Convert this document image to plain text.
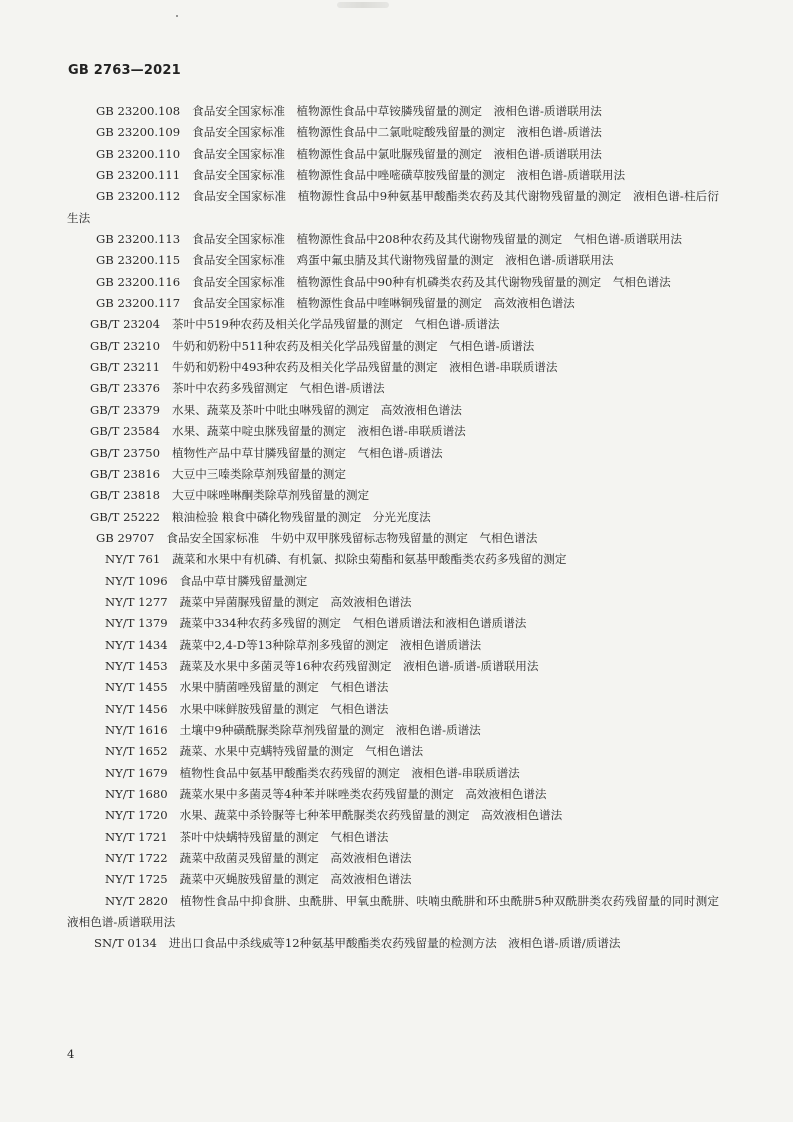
GB 2763—2021

GB 23200.108 食品安全国家标准　植物源性食品中草铵膦残留量的测定　液相色谱-质谱联用法

GB 23200.109 食品安全国家标准　植物源性食品中二氯吡啶酸残留量的测定　液相色谱-质谱法

GB 23200.110 食品安全国家标准　植物源性食品中氯吡脲残留量的测定　液相色谱-质谱联用法

GB 23200.111 食品安全国家标准　植物源性食品中唑嘧磺草胺残留量的测定　液相色谱-质谱联用法

GB 23200.112 食品安全国家标准　植物源性食品中9种氨基甲酸酯类农药及其代谢物残留量的测定　液相色谱-柱后衍生法

GB 23200.113 食品安全国家标准　植物源性食品中208种农药及其代谢物残留量的测定　气相色谱-质谱联用法

GB 23200.115 食品安全国家标准　鸡蛋中氟虫腈及其代谢物残留量的测定　液相色谱-质谱联用法

GB 23200.116 食品安全国家标准　植物源性食品中90种有机磷类农药及其代谢物残留量的测定　气相色谱法

GB 23200.117 食品安全国家标准　植物源性食品中喹啉铜残留量的测定　高效液相色谱法

GB/T 23204 茶叶中519种农药及相关化学品残留量的测定　气相色谱-质谱法

GB/T 23210 牛奶和奶粉中511种农药及相关化学品残留量的测定　气相色谱-质谱法

GB/T 23211 牛奶和奶粉中493种农药及相关化学品残留量的测定　液相色谱-串联质谱法

GB/T 23376 茶叶中农药多残留测定　气相色谱-质谱法

GB/T 23379 水果、蔬菜及茶叶中吡虫啉残留的测定　高效液相色谱法

GB/T 23584 水果、蔬菜中啶虫脒残留量的测定　液相色谱-串联质谱法

GB/T 23750 植物性产品中草甘膦残留量的测定　气相色谱-质谱法

GB/T 23816 大豆中三嗪类除草剂残留量的测定

GB/T 23818 大豆中咪唑啉酮类除草剂残留量的测定

GB/T 25222 粮油检验 粮食中磷化物残留量的测定　分光光度法

GB 29707 食品安全国家标准　牛奶中双甲脒残留标志物残留量的测定　气相色谱法

NY/T 761 蔬菜和水果中有机磷、有机氯、拟除虫菊酯和氨基甲酸酯类农药多残留的测定

NY/T 1096 食品中草甘膦残留量测定

NY/T 1277 蔬菜中异菌脲残留量的测定　高效液相色谱法

NY/T 1379 蔬菜中334种农药多残留的测定　气相色谱质谱法和液相色谱质谱法

NY/T 1434 蔬菜中2,4-D等13种除草剂多残留的测定　液相色谱质谱法

NY/T 1453 蔬菜及水果中多菌灵等16种农药残留测定　液相色谱-质谱-质谱联用法

NY/T 1455 水果中腈菌唑残留量的测定　气相色谱法

NY/T 1456 水果中咪鲜胺残留量的测定　气相色谱法

NY/T 1616 土壤中9种磺酰脲类除草剂残留量的测定　液相色谱-质谱法

NY/T 1652 蔬菜、水果中克螨特残留量的测定　气相色谱法

NY/T 1679 植物性食品中氨基甲酸酯类农药残留的测定　液相色谱-串联质谱法

NY/T 1680 蔬菜水果中多菌灵等4种苯并咪唑类农药残留量的测定　高效液相色谱法

NY/T 1720 水果、蔬菜中杀铃脲等七种苯甲酰脲类农药残留量的测定　高效液相色谱法

NY/T 1721 茶叶中炔螨特残留量的测定　气相色谱法

NY/T 1722 蔬菜中敌菌灵残留量的测定　高效液相色谱法

NY/T 1725 蔬菜中灭蝇胺残留量的测定　高效液相色谱法

NY/T 2820 植物性食品中抑食肼、虫酰肼、甲氧虫酰肼、呋喃虫酰肼和环虫酰肼5种双酰肼类农药残留量的同时测定　液相色谱-质谱联用法

SN/T 0134 进出口食品中杀线威等12种氨基甲酸酯类农药残留量的检测方法　液相色谱-质谱/质谱法

4
